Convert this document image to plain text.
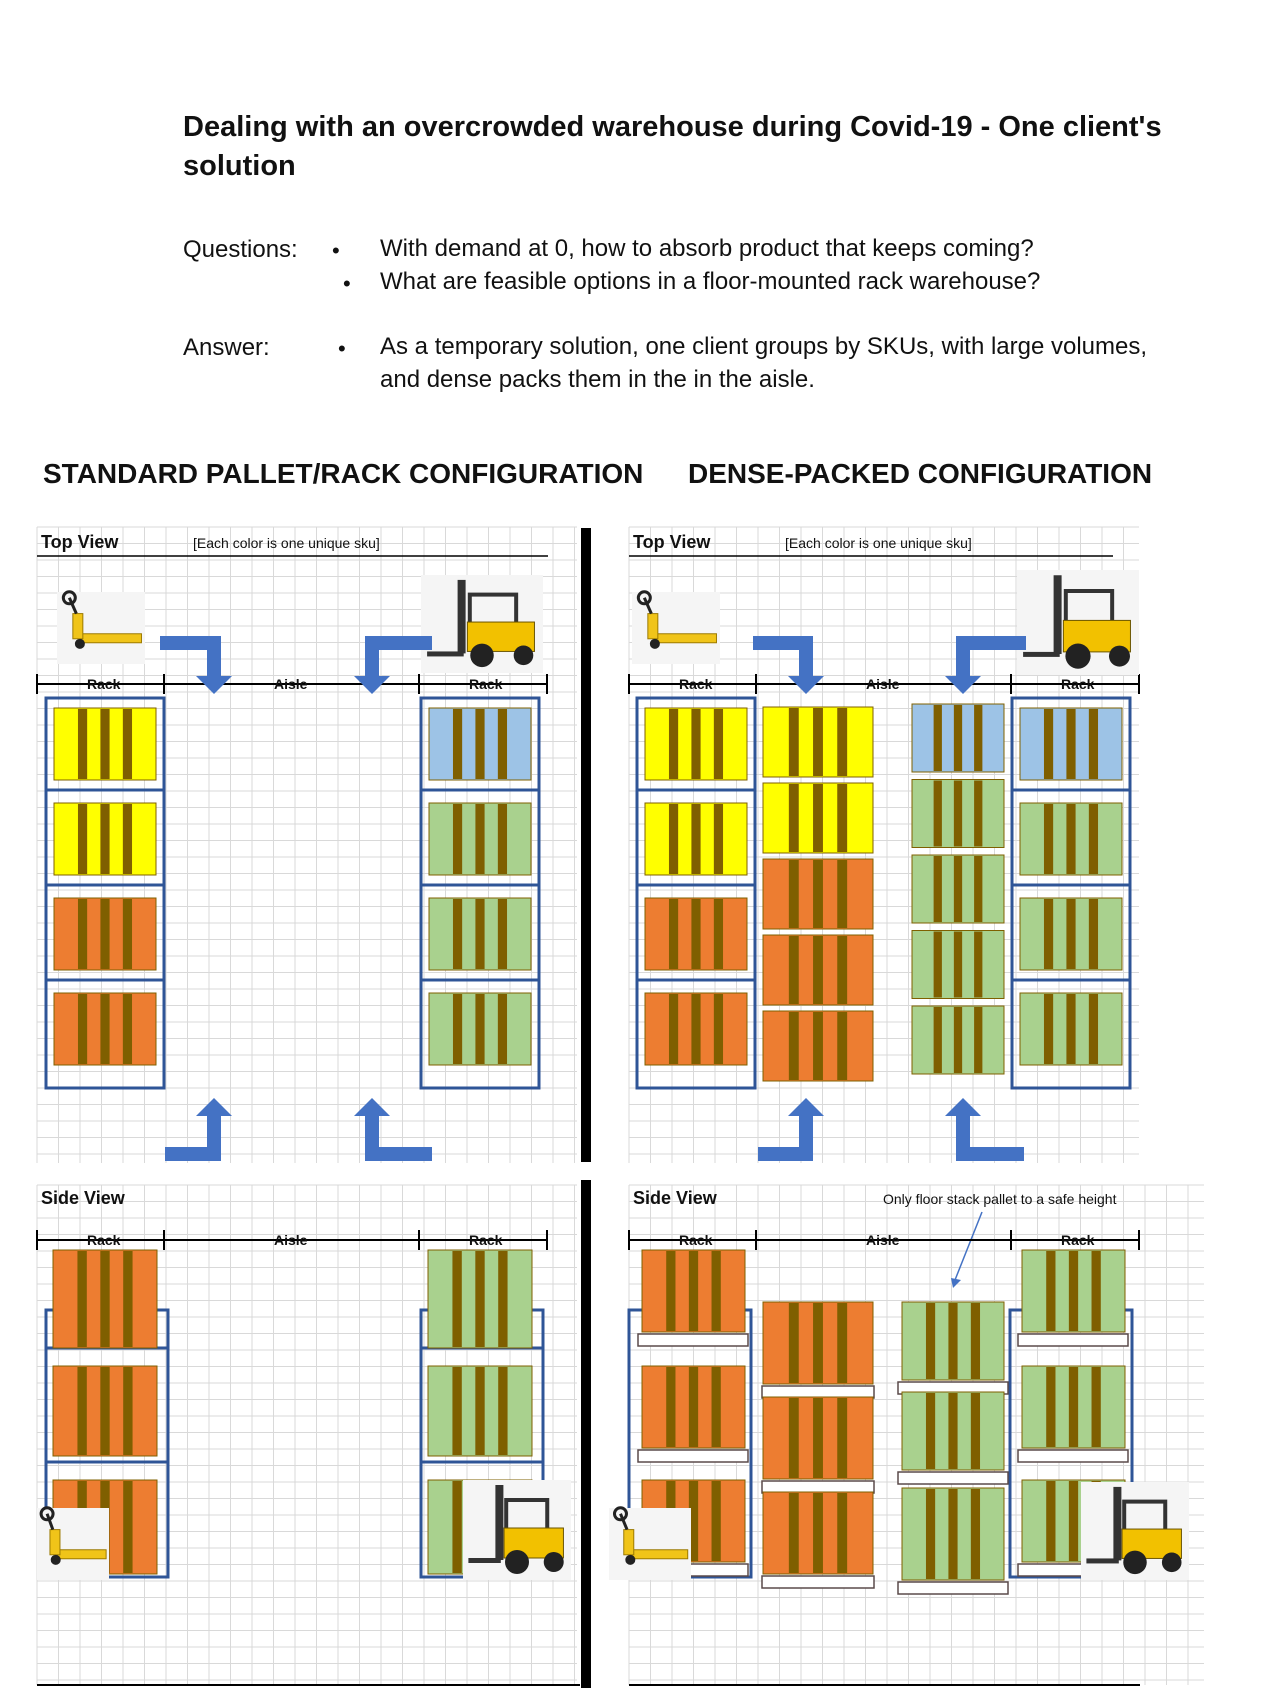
Top View	[Each color is one unique sku]
Rack	Aisle	Rack
Top View	[Each color is one unique sku]
Rack	Aisle	Rack
Side View
Rack	Aisle	Rack
Side View	Only floor stack pallet to a safe height
Rack	Aisle	Rack
Dealing with an overcrowded warehouse during Covid-19 - One client's solution
Questions: •
•
With demand at 0, how to absorb product that keeps coming?
What are feasible options in a floor-mounted rack warehouse?
Answer:	• As a temporary solution, one client groups by SKUs, with large volumes,
and dense packs them in the in the aisle.
STANDARD PALLET/RACK CONFIGURATION DENSE-PACKED CONFIGURATION
